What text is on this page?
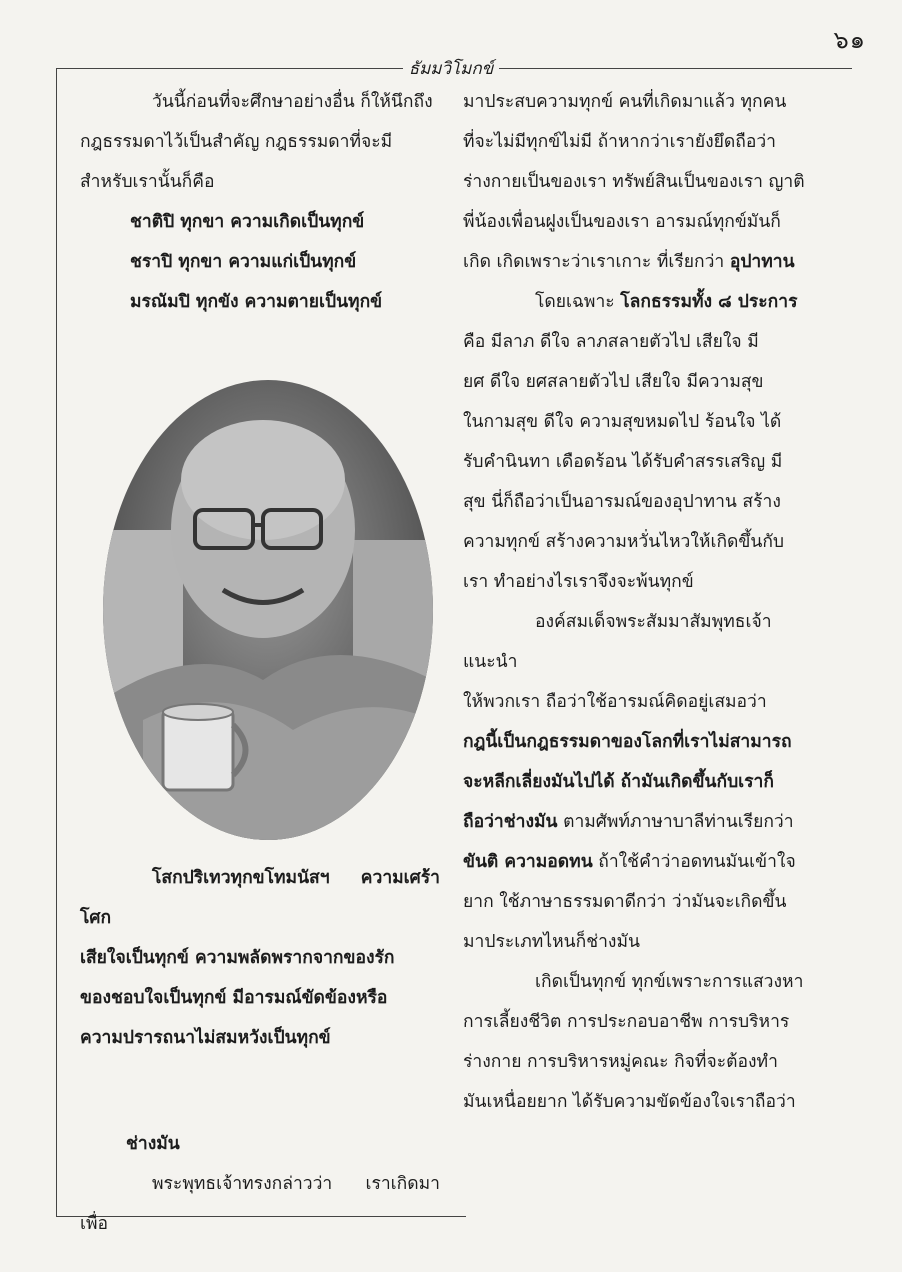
๖๑
ธัมมวิโมกข์

วันนี้ก่อนที่จะศึกษาอย่างอื่น ก็ให้นึกถึง

กฎธรรมดาไว้เป็นสำคัญ กฎธรรมดาที่จะมี

สำหรับเรานั้นก็คือ

ชาติปิ ทุกขา ความเกิดเป็นทุกข์

ชราปิ ทุกขา ความแก่เป็นทุกข์

มรณัมปิ ทุกขัง ความตายเป็นทุกข์

โสกปริเทวทุกขโทมนัสฯ ความเศร้าโศก

เสียใจเป็นทุกข์ ความพลัดพรากจากของรัก

ของชอบใจเป็นทุกข์ มีอารมณ์ขัดข้องหรือ

ความปรารถนาไม่สมหวังเป็นทุกข์

ช่างมัน

พระพุทธเจ้าทรงกล่าวว่า เราเกิดมาเพื่อ

มาประสบความทุกข์ คนที่เกิดมาแล้ว ทุกคน

ที่จะไม่มีทุกข์ไม่มี ถ้าหากว่าเรายังยึดถือว่า

ร่างกายเป็นของเรา ทรัพย์สินเป็นของเรา ญาติ

พี่น้องเพื่อนฝูงเป็นของเรา อารมณ์ทุกข์มันก็

เกิด เกิดเพราะว่าเราเกาะ ที่เรียกว่า อุปาทาน

โดยเฉพาะ โลกธรรมทั้ง ๘ ประการ

คือ มีลาภ ดีใจ ลาภสลายตัวไป เสียใจ มี

ยศ ดีใจ ยศสลายตัวไป เสียใจ มีความสุข

ในกามสุข ดีใจ ความสุขหมดไป ร้อนใจ ได้

รับคำนินทา เดือดร้อน ได้รับคำสรรเสริญ มี

สุข นี่ก็ถือว่าเป็นอารมณ์ของอุปาทาน สร้าง

ความทุกข์ สร้างความหวั่นไหวให้เกิดขึ้นกับ

เรา ทำอย่างไรเราจึงจะพ้นทุกข์

องค์สมเด็จพระสัมมาสัมพุทธเจ้าแนะนำ

ให้พวกเรา ถือว่าใช้อารมณ์คิดอยู่เสมอว่า

กฎนี้เป็นกฎธรรมดาของโลกที่เราไม่สามารถ

จะหลีกเลี่ยงมันไปได้ ถ้ามันเกิดขึ้นกับเราก็

ถือว่าช่างมัน ตามศัพท์ภาษาบาลีท่านเรียกว่า

ขันติ ความอดทน ถ้าใช้คำว่าอดทนมันเข้าใจ

ยาก ใช้ภาษาธรรมดาดีกว่า ว่ามันจะเกิดขึ้น

มาประเภทไหนก็ช่างมัน

เกิดเป็นทุกข์ ทุกข์เพราะการแสวงหา

การเลี้ยงชีวิต การประกอบอาชีพ การบริหาร

ร่างกาย การบริหารหมู่คณะ กิจที่จะต้องทำ

มันเหนื่อยยาก ได้รับความขัดข้องใจเราถือว่า
